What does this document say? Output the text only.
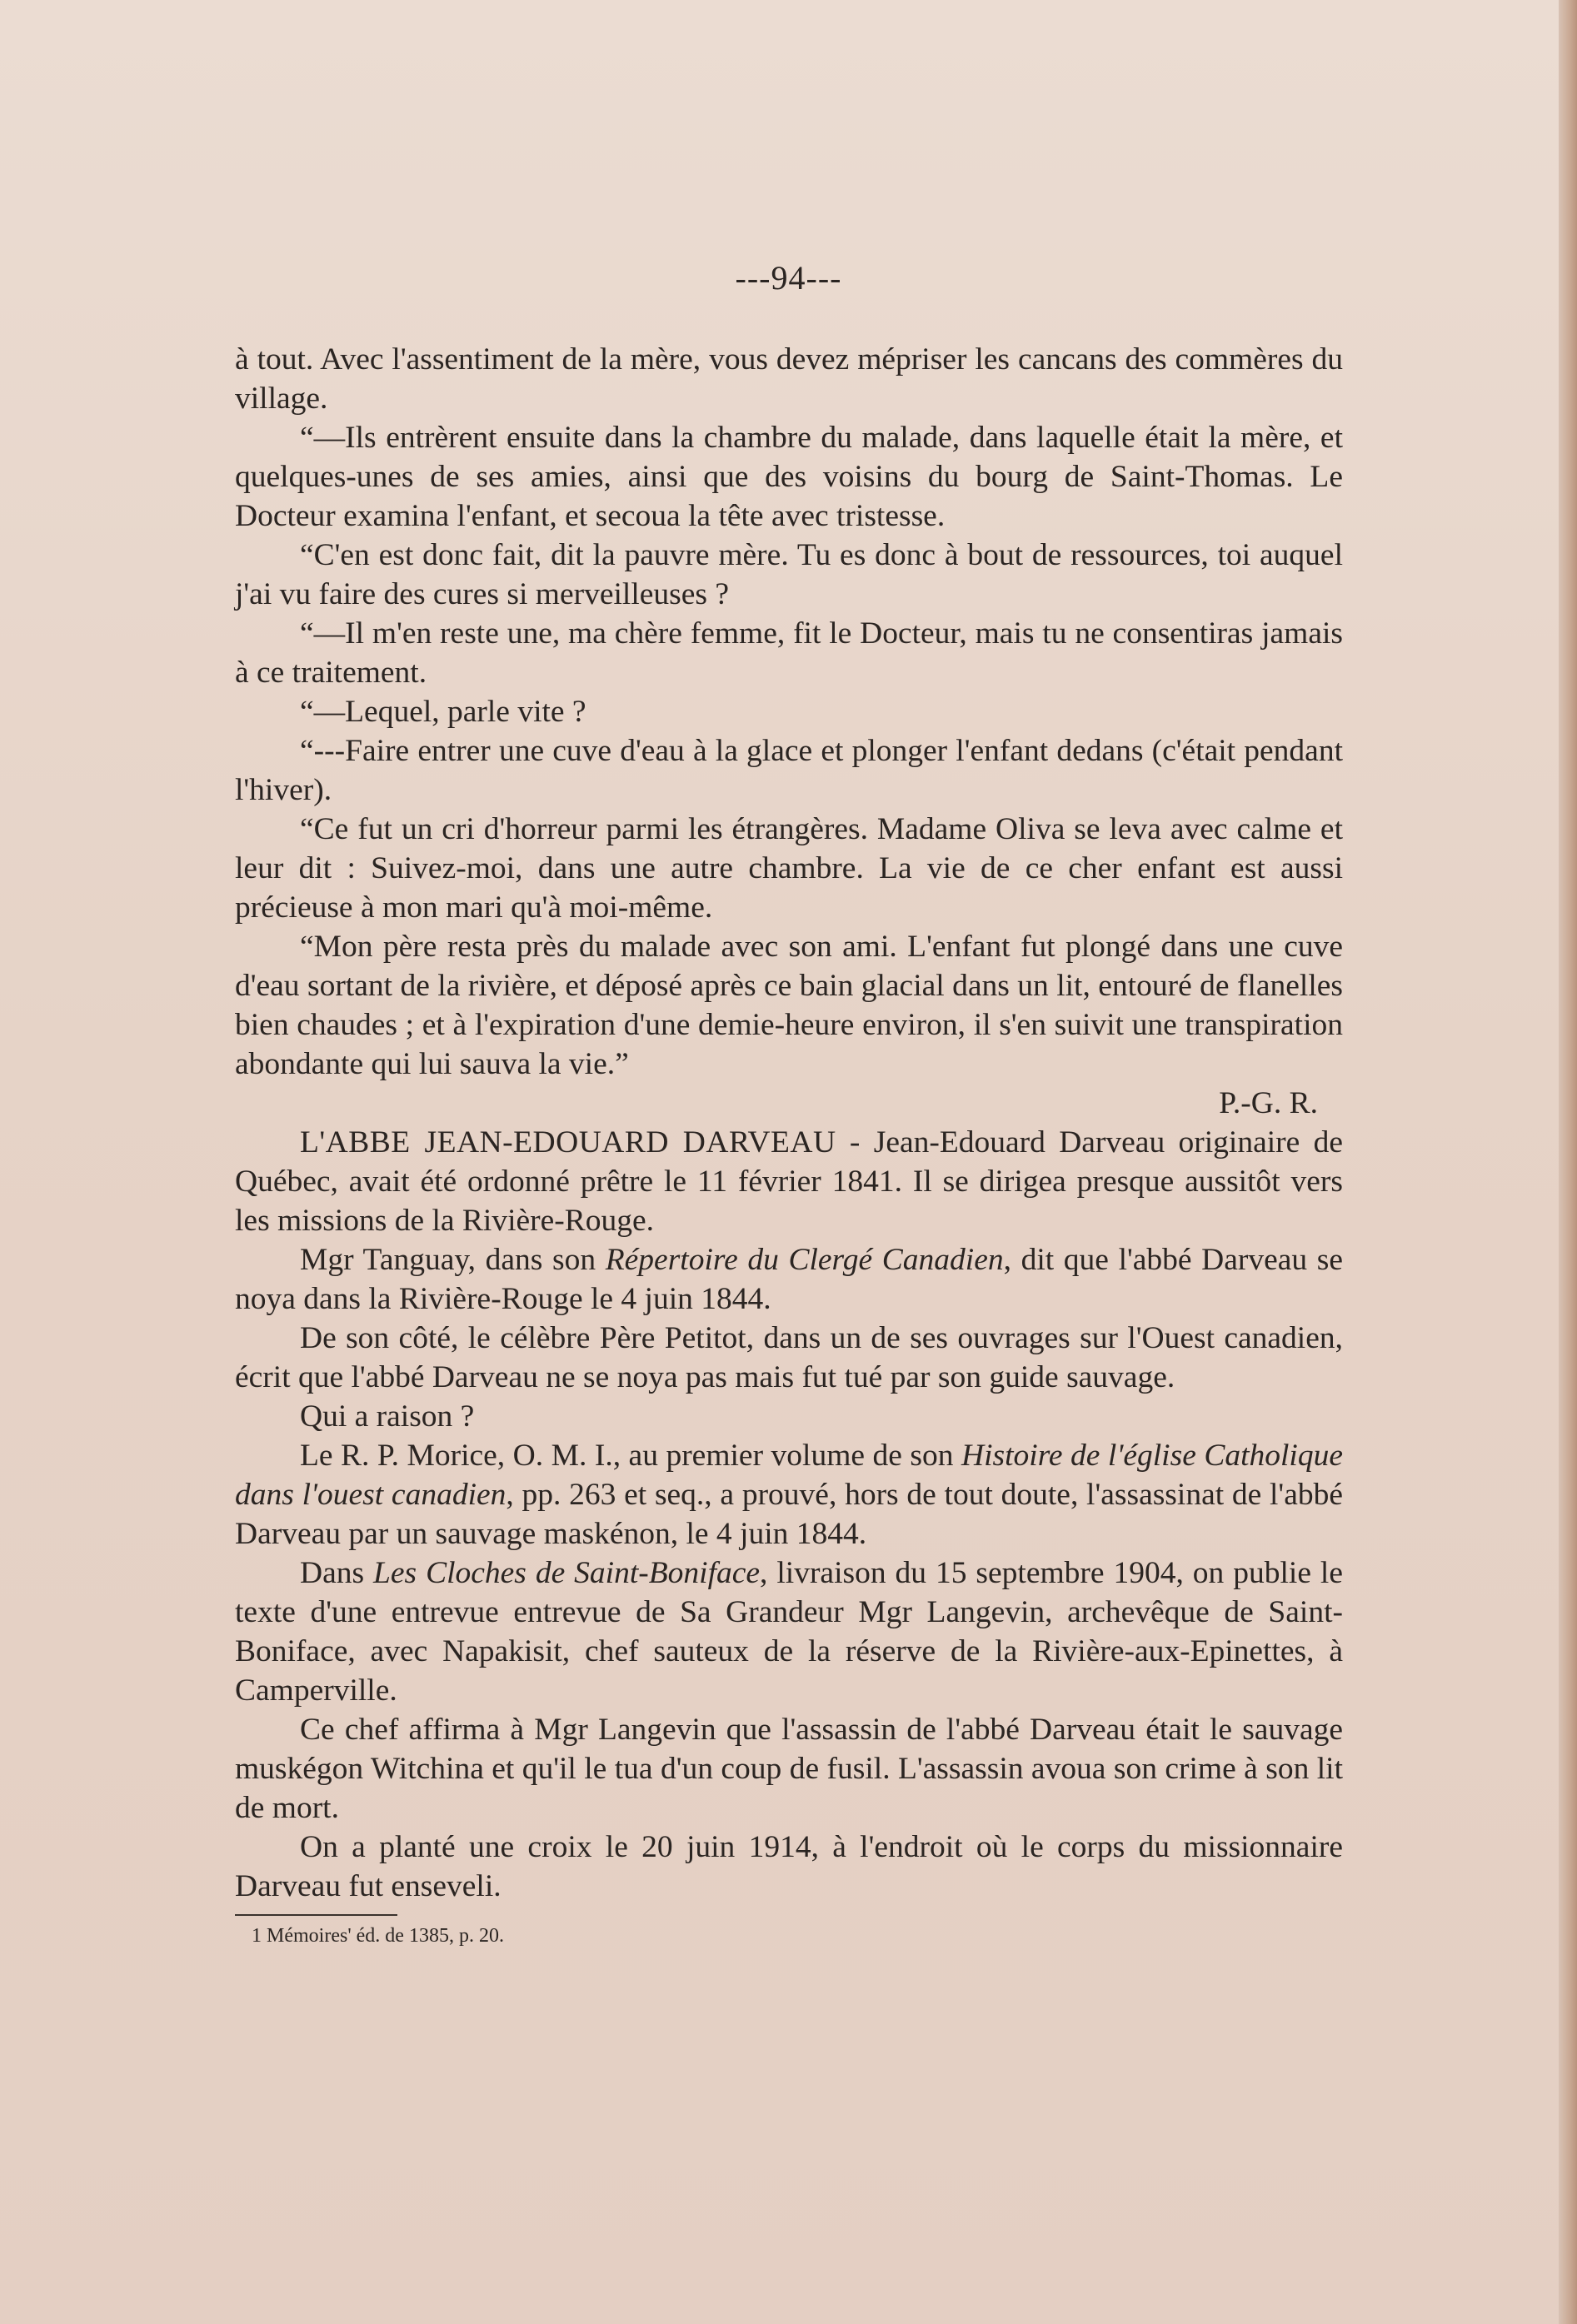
---94---

à tout. Avec l'assentiment de la mère, vous devez mépriser les cancans des commères du village.

“—Ils entrèrent ensuite dans la chambre du malade, dans laquelle était la mère, et quelques-unes de ses amies, ainsi que des voisins du bourg de Saint-Thomas. Le Docteur examina l'enfant, et secoua la tête avec tristesse.

“C'en est donc fait, dit la pauvre mère. Tu es donc à bout de ressources, toi auquel j'ai vu faire des cures si merveilleuses ?

“—Il m'en reste une, ma chère femme, fit le Docteur, mais tu ne consentiras jamais à ce traitement.

“—Lequel, parle vite ?

“---Faire entrer une cuve d'eau à la glace et plonger l'enfant dedans (c'était pendant l'hiver).

“Ce fut un cri d'horreur parmi les étrangères. Madame Oliva se leva avec calme et leur dit : Suivez-moi, dans une autre chambre. La vie de ce cher enfant est aussi précieuse à mon mari qu'à moi-même.

“Mon père resta près du malade avec son ami. L'enfant fut plongé dans une cuve d'eau sortant de la rivière, et déposé après ce bain glacial dans un lit, entouré de flanelles bien chaudes ; et à l'expiration d'une demie-heure environ, il s'en suivit une transpiration abondante qui lui sauva la vie.”

P.-G. R.

L'ABBE JEAN-EDOUARD DARVEAU - Jean-Edouard Darveau originaire de Québec, avait été ordonné prêtre le 11 février 1841. Il se dirigea presque aussitôt vers les missions de la Rivière-Rouge.

Mgr Tanguay, dans son Répertoire du Clergé Canadien, dit que l'abbé Darveau se noya dans la Rivière-Rouge le 4 juin 1844.

De son côté, le célèbre Père Petitot, dans un de ses ouvrages sur l'Ouest canadien, écrit que l'abbé Darveau ne se noya pas mais fut tué par son guide sauvage.

Qui a raison ?

Le R. P. Morice, O. M. I., au premier volume de son Histoire de l'église Catholique dans l'ouest canadien, pp. 263 et seq., a prouvé, hors de tout doute, l'assassinat de l'abbé Darveau par un sauvage maskénon, le 4 juin 1844.

Dans Les Cloches de Saint-Boniface, livraison du 15 septembre 1904, on publie le texte d'une entrevue entrevue de Sa Grandeur Mgr Langevin, archevêque de Saint-Boniface, avec Napakisit, chef sauteux de la réserve de la Rivière-aux-Epinettes, à Camperville.

Ce chef affirma à Mgr Langevin que l'assassin de l'abbé Darveau était le sauvage muskégon Witchina et qu'il le tua d'un coup de fusil. L'assassin avoua son crime à son lit de mort.

On a planté une croix le 20 juin 1914, à l'endroit où le corps du missionnaire Darveau fut enseveli.

1 Mémoires' éd. de 1385, p. 20.
